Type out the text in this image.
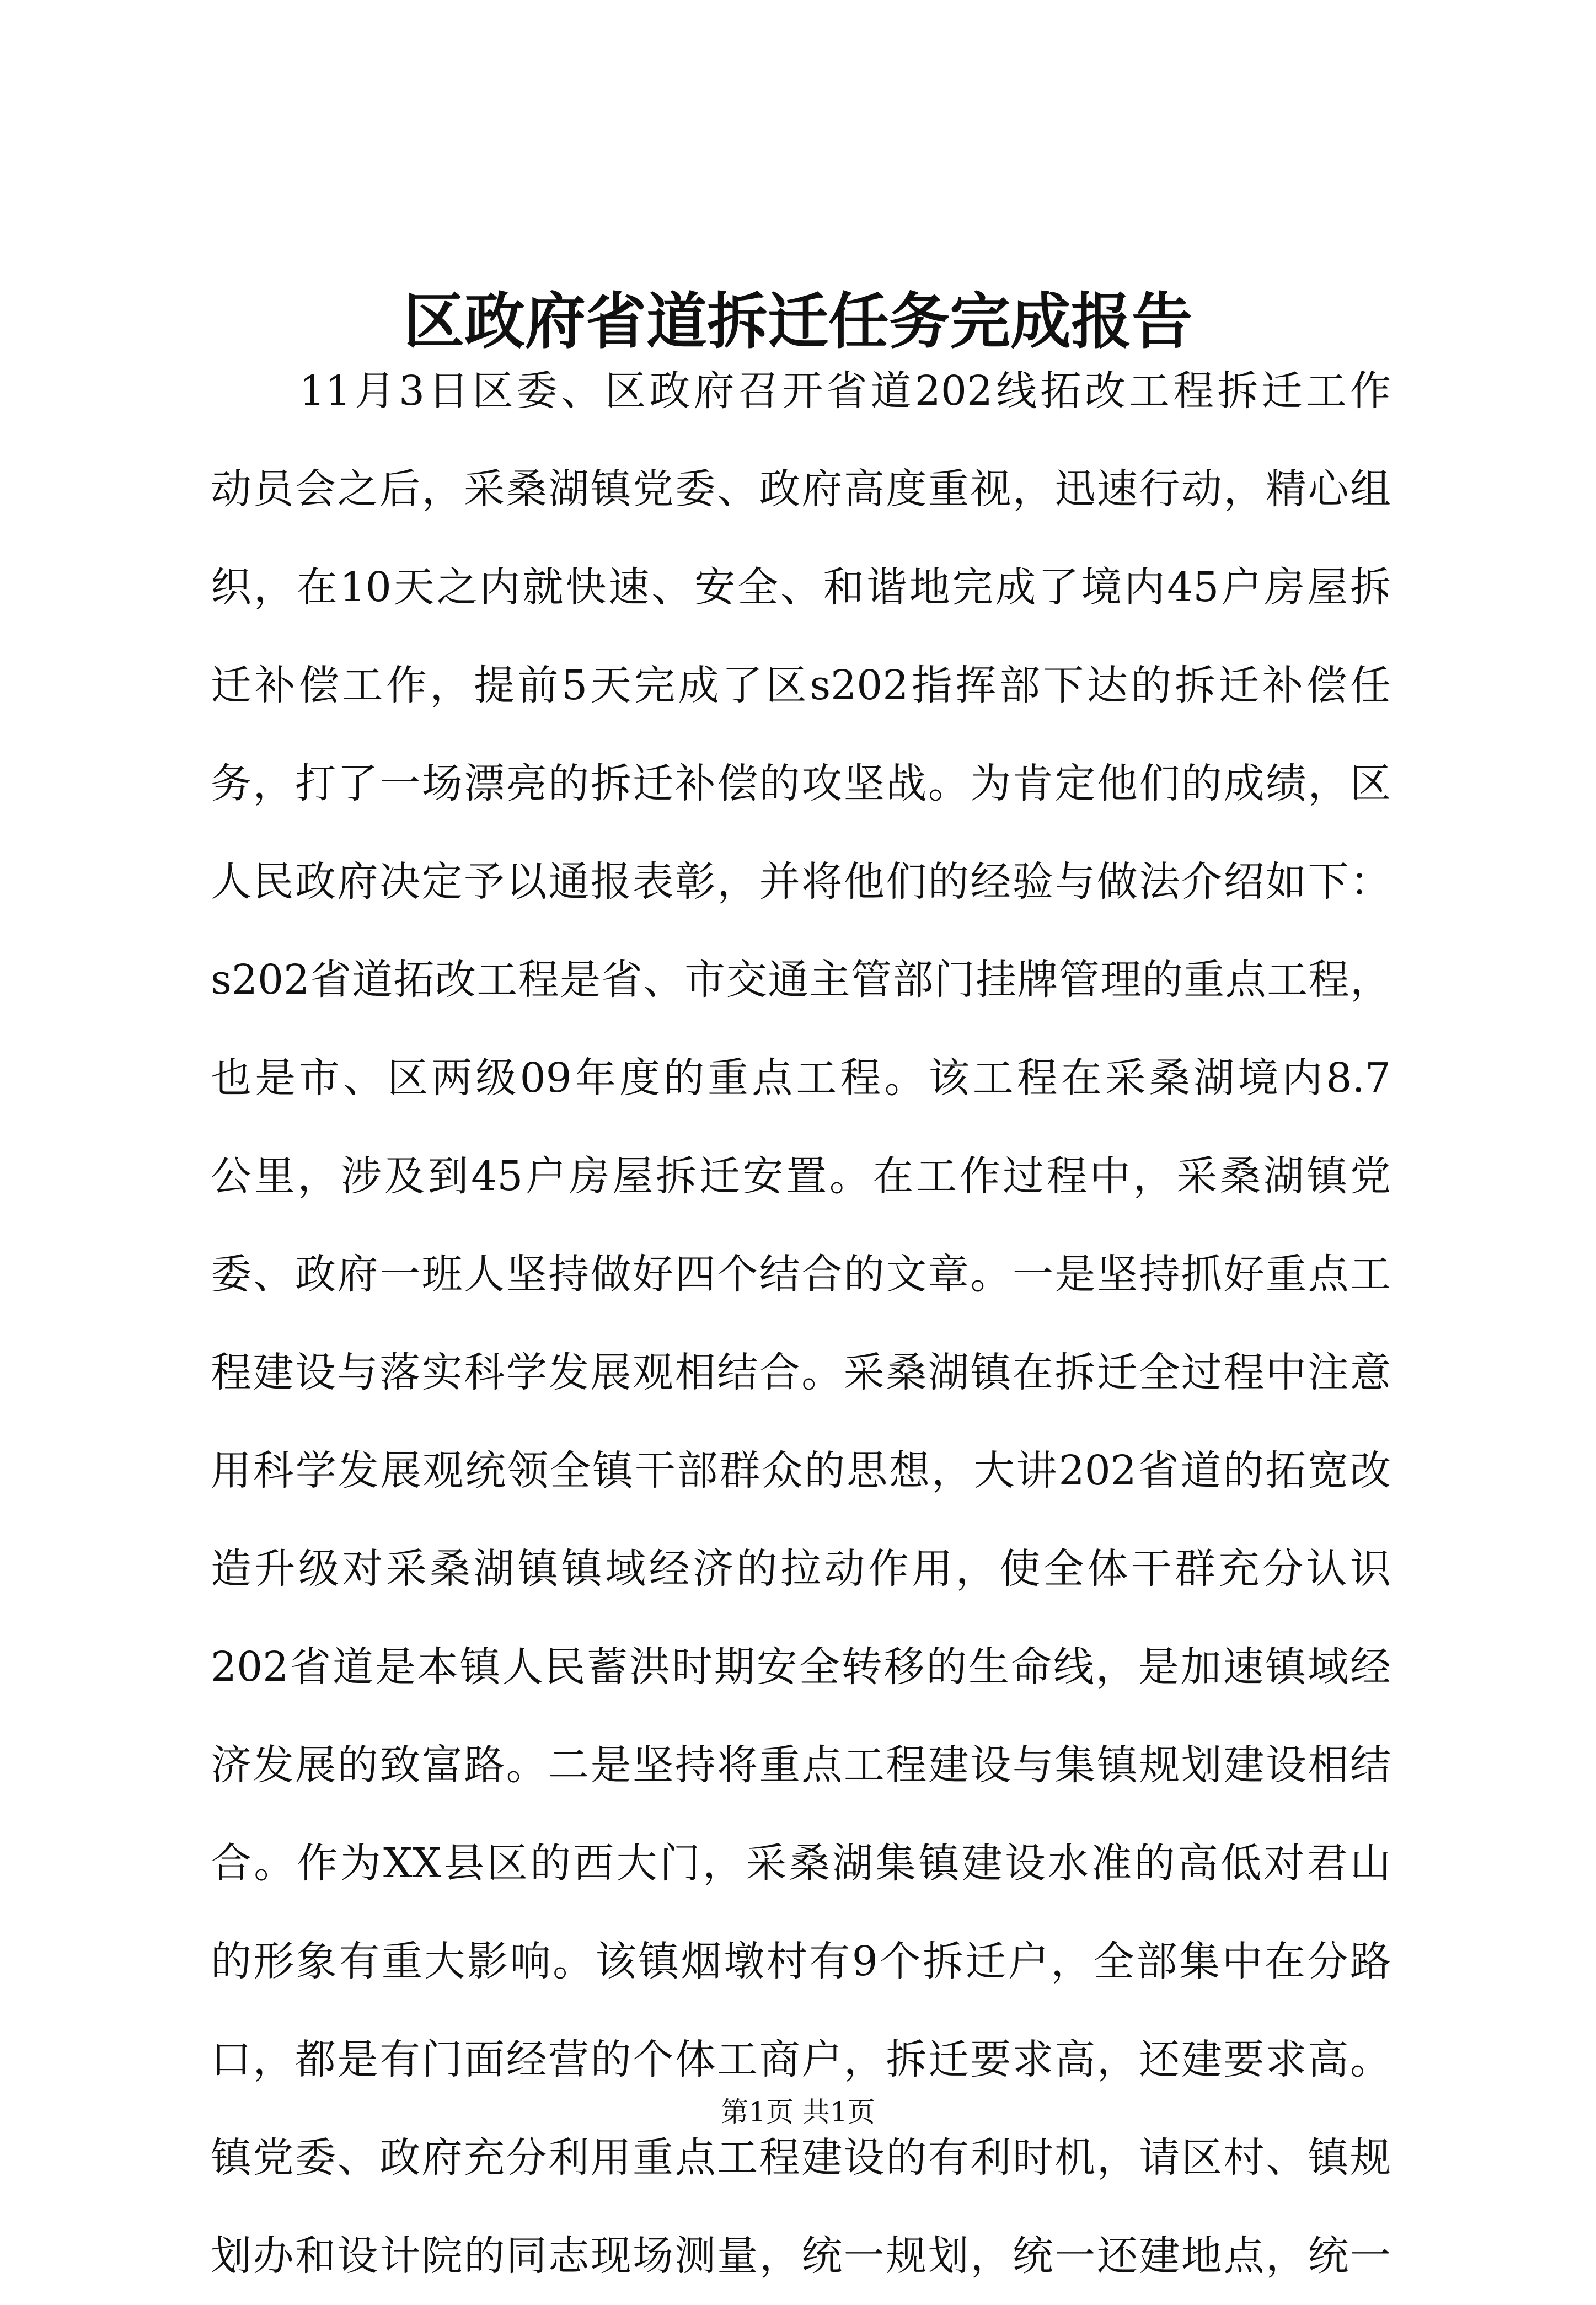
区政府省道拆迁任务完成报告
　　11月3日区委、区政府召开省道202线拓改工程拆迁工作
动员会之后，采桑湖镇党委、政府高度重视，迅速行动，精心组
织，在10天之内就快速、安全、和谐地完成了境内45户房屋拆
迁补偿工作，提前5天完成了区s202指挥部下达的拆迁补偿任
务，打了一场漂亮的拆迁补偿的攻坚战。为肯定他们的成绩，区
人民政府决定予以通报表彰，并将他们的经验与做法介绍如下：
s202省道拓改工程是省、市交通主管部门挂牌管理的重点工程，
也是市、区两级09年度的重点工程。该工程在采桑湖境内8.7
公里，涉及到45户房屋拆迁安置。在工作过程中，采桑湖镇党
委、政府一班人坚持做好四个结合的文章。一是坚持抓好重点工
程建设与落实科学发展观相结合。采桑湖镇在拆迁全过程中注意
用科学发展观统领全镇干部群众的思想，大讲202省道的拓宽改
造升级对采桑湖镇镇域经济的拉动作用，使全体干群充分认识
202省道是本镇人民蓄洪时期安全转移的生命线，是加速镇域经
济发展的致富路。二是坚持将重点工程建设与集镇规划建设相结
合。作为XX县区的西大门，采桑湖集镇建设水准的高低对君山
的形象有重大影响。该镇烟墩村有9个拆迁户，全部集中在分路
口，都是有门面经营的个体工商户，拆迁要求高，还建要求高。
镇党委、政府充分利用重点工程建设的有利时机，请区村、镇规
划办和设计院的同志现场测量，统一规划，统一还建地点，统一
第1页 共1页
